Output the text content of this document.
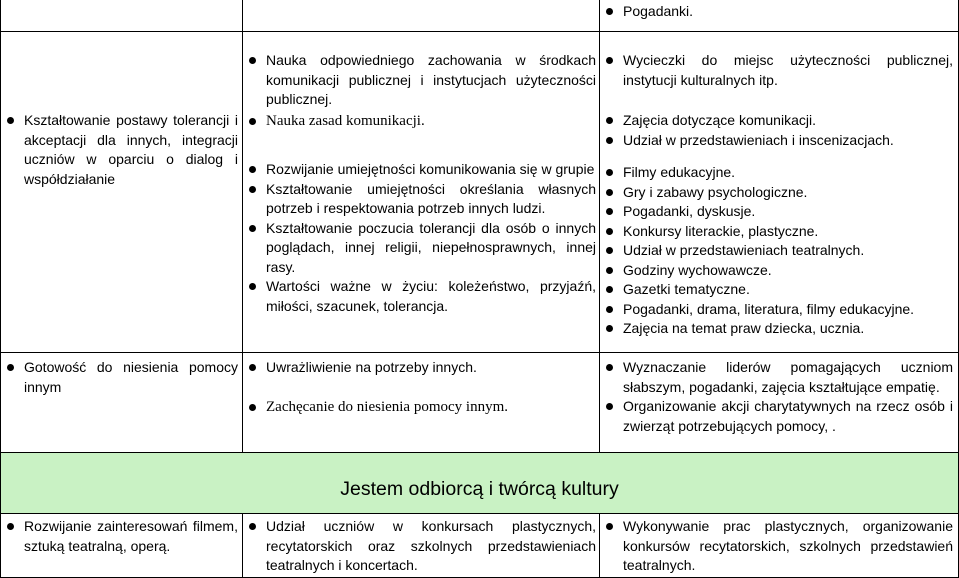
Jestem odbiorcą i twórcą kultury
Pogadanki.
Kształtowanie postawy tolerancji i akceptacji dla innych, integracji uczniów w oparciu o dialog i współdziałanie
Nauka odpowiedniego zachowania w środkach komunikacji publicznej i instytucjach użyteczności publicznej.
Nauka zasad komunikacji.
Rozwijanie umiejętności komunikowania się w grupie
Kształtowanie umiejętności określania własnych potrzeb i respektowania potrzeb innych ludzi.
Kształtowanie poczucia tolerancji dla osób o innych poglądach, innej religii, niepełnosprawnych, innej rasy.
Wartości ważne w życiu: koleżeństwo, przyjaźń, miłości, szacunek, tolerancja.
Wycieczki do miejsc użyteczności publicznej, instytucji kulturalnych itp.
Zajęcia dotyczące komunikacji.
Udział w przedstawieniach i inscenizacjach.
Filmy edukacyjne.
Gry i zabawy psychologiczne.
Pogadanki, dyskusje.
Konkursy literackie, plastyczne.
Udział w przedstawieniach teatralnych.
Godziny wychowawcze.
Gazetki tematyczne.
Pogadanki, drama, literatura, filmy edukacyjne.
Zajęcia na temat praw dziecka, ucznia.
Gotowość do niesienia pomocy innym
Uwrażliwienie na potrzeby innych.
Zachęcanie do niesienia pomocy innym.
Wyznaczanie liderów pomagających uczniom słabszym, pogadanki, zajęcia kształtujące empatię.
Organizowanie akcji charytatywnych na rzecz osób i zwierząt potrzebujących pomocy, .
Rozwijanie zainteresowań filmem, sztuką teatralną, operą.
Udział uczniów w konkursach plastycznych, recytatorskich oraz szkolnych przedstawieniach teatralnych i koncertach.
Wykonywanie prac plastycznych, organizowanie konkursów recytatorskich, szkolnych przedstawień teatralnych.
